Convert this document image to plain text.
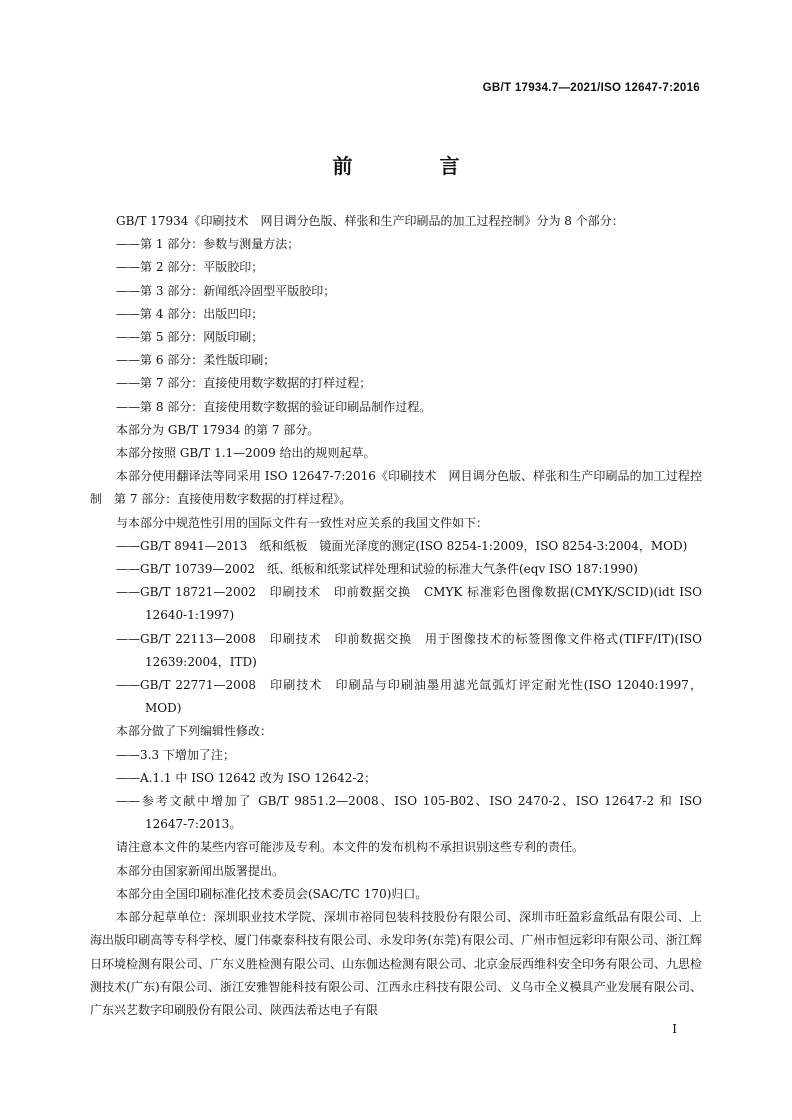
GB/T 17934.7—2021/ISO 12647-7:2016
前 言

GB/T 17934《印刷技术　网目调分色版、样张和生产印刷品的加工过程控制》分为 8 个部分：

——第 1 部分：参数与测量方法；

——第 2 部分：平版胶印；

——第 3 部分：新闻纸冷固型平版胶印；

——第 4 部分：出版凹印；

——第 5 部分：网版印刷；

——第 6 部分：柔性版印刷；

——第 7 部分：直接使用数字数据的打样过程；

——第 8 部分：直接使用数字数据的验证印刷品制作过程。

本部分为 GB/T 17934 的第 7 部分。

本部分按照 GB/T 1.1—2009 给出的规则起草。

本部分使用翻译法等同采用 ISO 12647-7:2016《印刷技术　网目调分色版、样张和生产印刷品的加工过程控制　第 7 部分：直接使用数字数据的打样过程》。

与本部分中规范性引用的国际文件有一致性对应关系的我国文件如下：

——GB/T 8941—2013　纸和纸板　镜面光泽度的测定(ISO 8254-1:2009，ISO 8254-3:2004，MOD)

——GB/T 10739—2002　纸、纸板和纸浆试样处理和试验的标准大气条件(eqv ISO 187:1990)

——GB/T 18721—2002　印刷技术　印前数据交换　CMYK 标准彩色图像数据(CMYK/SCID)(idt ISO 12640-1:1997)

——GB/T 22113—2008　印刷技术　印前数据交换　用于图像技术的标签图像文件格式(TIFF/IT)(ISO 12639:2004，ITD)

——GB/T 22771—2008　印刷技术　印刷品与印刷油墨用滤光氙弧灯评定耐光性(ISO 12040:1997，MOD)

本部分做了下列编辑性修改：

——3.3 下增加了注；

——A.1.1 中 ISO 12642 改为 ISO 12642-2；

——参考文献中增加了 GB/T 9851.2—2008、ISO 105-B02、ISO 2470-2、ISO 12647-2 和 ISO 12647-7:2013。

请注意本文件的某些内容可能涉及专利。本文件的发布机构不承担识别这些专利的责任。

本部分由国家新闻出版署提出。

本部分由全国印刷标准化技术委员会(SAC/TC 170)归口。

本部分起草单位：深圳职业技术学院、深圳市裕同包装科技股份有限公司、深圳市旺盈彩盒纸品有限公司、上海出版印刷高等专科学校、厦门伟豪泰科技有限公司、永发印务(东莞)有限公司、广州市恒远彩印有限公司、浙江辉日环境检测有限公司、广东义胜检测有限公司、山东伽达检测有限公司、北京金辰西维科安全印务有限公司、九思检测技术(广东)有限公司、浙江安雅智能科技有限公司、江西永庄科技有限公司、义乌市全义模具产业发展有限公司、广东兴艺数字印刷股份有限公司、陕西法希达电子有限

I
